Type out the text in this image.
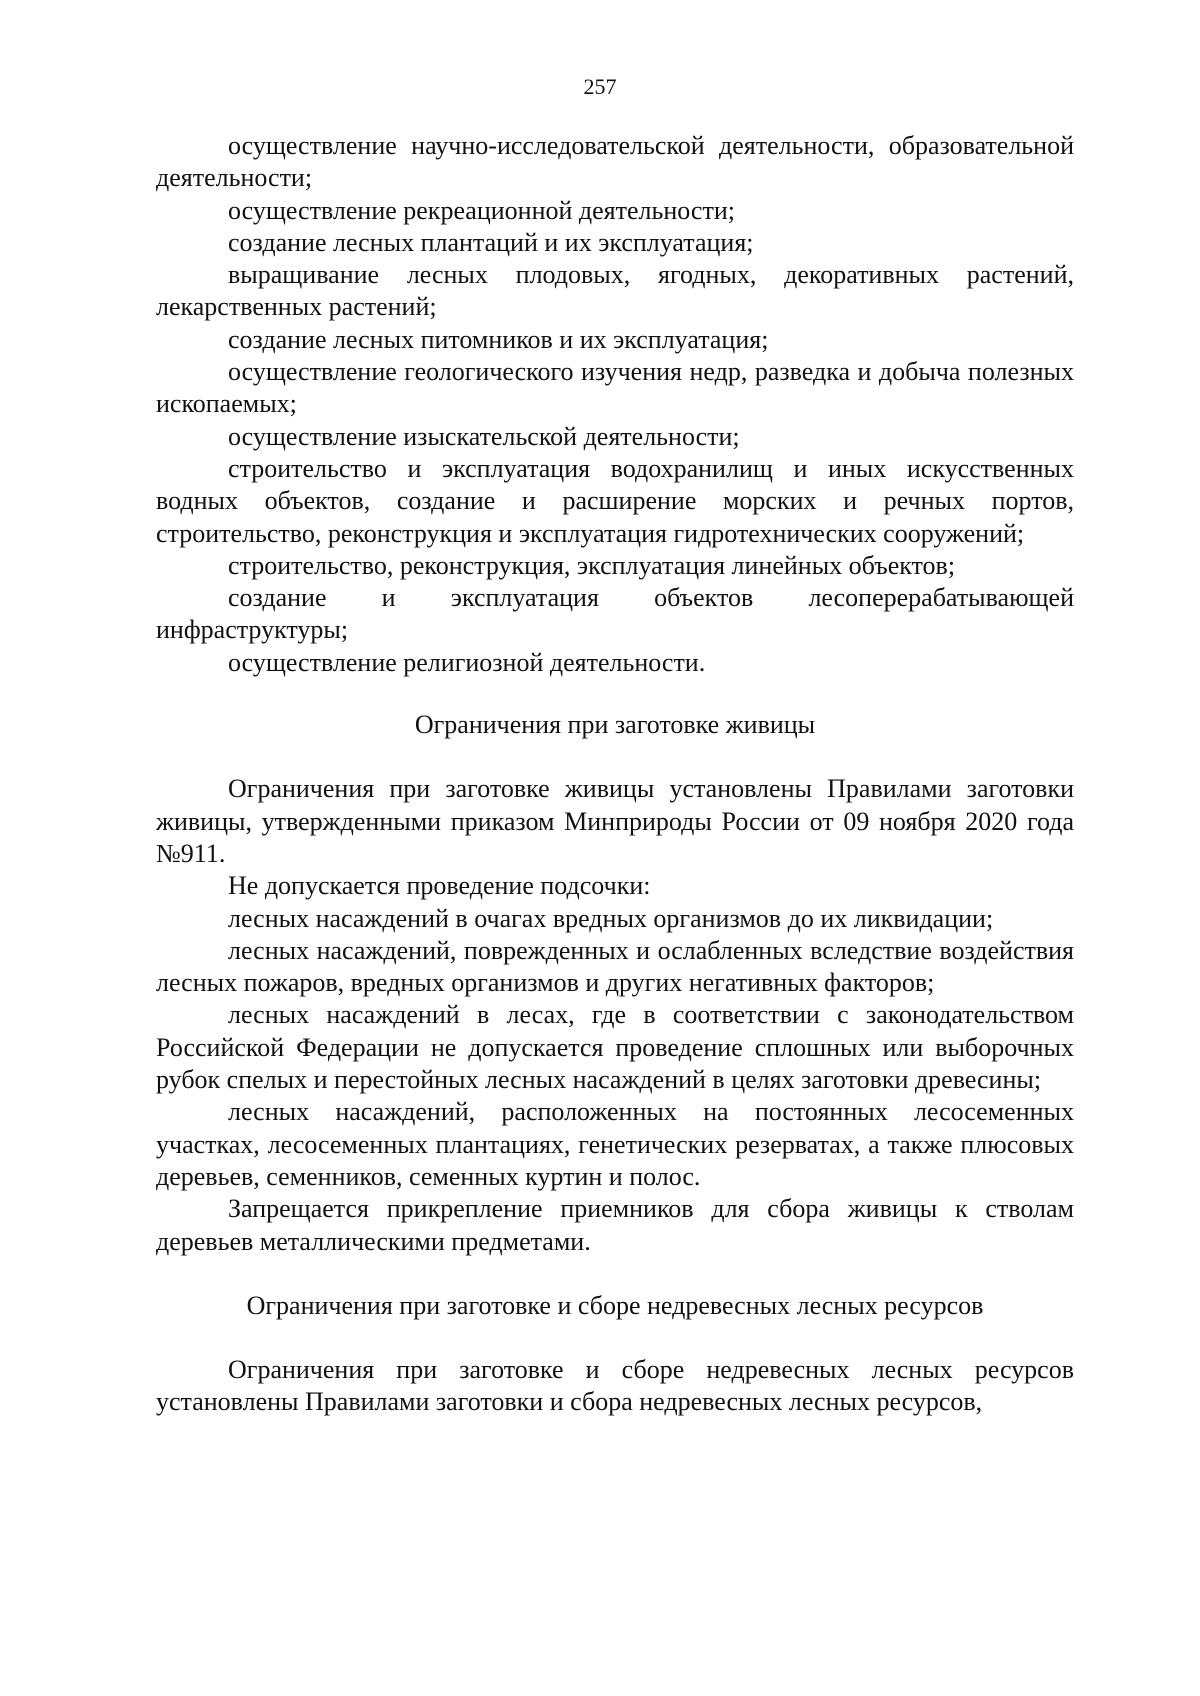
257

осуществление научно-исследовательской деятельности, образовательной деятельности;

осуществление рекреационной деятельности;

создание лесных плантаций и их эксплуатация;

выращивание лесных плодовых, ягодных, декоративных растений, лекарственных растений;

создание лесных питомников и их эксплуатация;

осуществление геологического изучения недр, разведка и добыча полезных ископаемых;

осуществление изыскательской деятельности;

строительство и эксплуатация водохранилищ и иных искусственных водных объектов, создание и расширение морских и речных портов, строительство, реконструкция и эксплуатация гидротехнических сооружений;

строительство, реконструкция, эксплуатация линейных объектов;

создание и эксплуатация объектов лесоперерабатывающей инфраструктуры;

осуществление религиозной деятельности.

Ограничения при заготовке живицы

Ограничения при заготовке живицы установлены Правилами заготовки живицы, утвержденными приказом Минприроды России от 09 ноября 2020 года №911.

Не допускается проведение подсочки:

лесных насаждений в очагах вредных организмов до их ликвидации;

лесных насаждений, поврежденных и ослабленных вследствие воздействия лесных пожаров, вредных организмов и других негативных факторов;

лесных насаждений в лесах, где в соответствии с законодательством Российской Федерации не допускается проведение сплошных или выборочных рубок спелых и перестойных лесных насаждений в целях заготовки древесины;

лесных насаждений, расположенных на постоянных лесосеменных участках, лесосеменных плантациях, генетических резерватах, а также плюсовых деревьев, семенников, семенных куртин и полос.

Запрещается прикрепление приемников для сбора живицы к стволам деревьев металлическими предметами.

Ограничения при заготовке и сборе недревесных лесных ресурсов

Ограничения при заготовке и сборе недревесных лесных ресурсов установлены Правилами заготовки и сбора недревесных лесных ресурсов,
